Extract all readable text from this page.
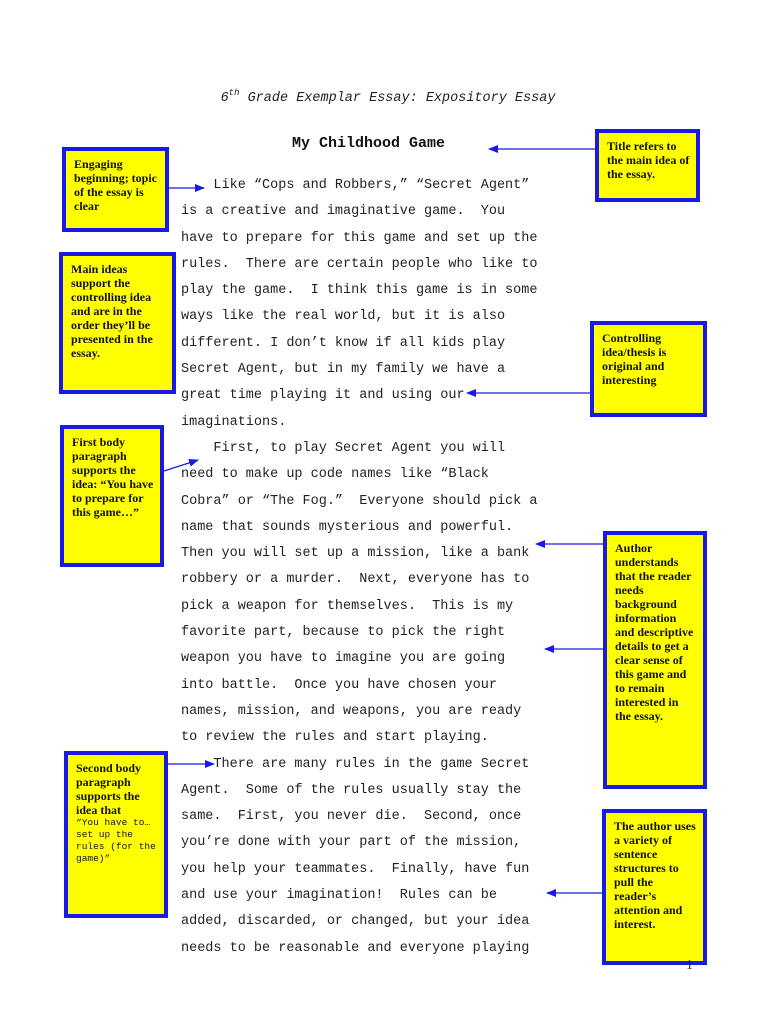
6th Grade Exemplar Essay: Expository Essay
My Childhood Game
Like “Cops and Robbers,” “Secret Agent”
is a creative and imaginative game.  You
have to prepare for this game and set up the
rules.  There are certain people who like to
play the game.  I think this game is in some
ways like the real world, but it is also
different. I don’t know if all kids play
Secret Agent, but in my family we have a
great time playing it and using our
imaginations.
First, to play Secret Agent you will
need to make up code names like “Black
Cobra” or “The Fog.”  Everyone should pick a
name that sounds mysterious and powerful.
Then you will set up a mission, like a bank
robbery or a murder.  Next, everyone has to
pick a weapon for themselves.  This is my
favorite part, because to pick the right
weapon you have to imagine you are going
into battle.  Once you have chosen your
names, mission, and weapons, you are ready
to review the rules and start playing.
There are many rules in the game Secret
Agent.  Some of the rules usually stay the
same.  First, you never die.  Second, once
you’re done with your part of the mission,
you help your teammates.  Finally, have fun
and use your imagination!  Rules can be
added, discarded, or changed, but your idea
needs to be reasonable and everyone playing
Engaging beginning; topic of the essay is clear
Main ideas support the controlling idea and are in the order they’ll be presented in the essay.
First body paragraph supports the idea: “You have to prepare for this game…”
Second body paragraph supports the idea that
“You have to…set up the rules (for the game)”
Title refers to the main idea of the essay.
Controlling idea/thesis is original and interesting
Author understands that the reader needs background information and descriptive details to get a clear sense of this game and to remain interested in the essay.
The author uses a variety of sentence structures to pull the reader’s attention and interest.
1
